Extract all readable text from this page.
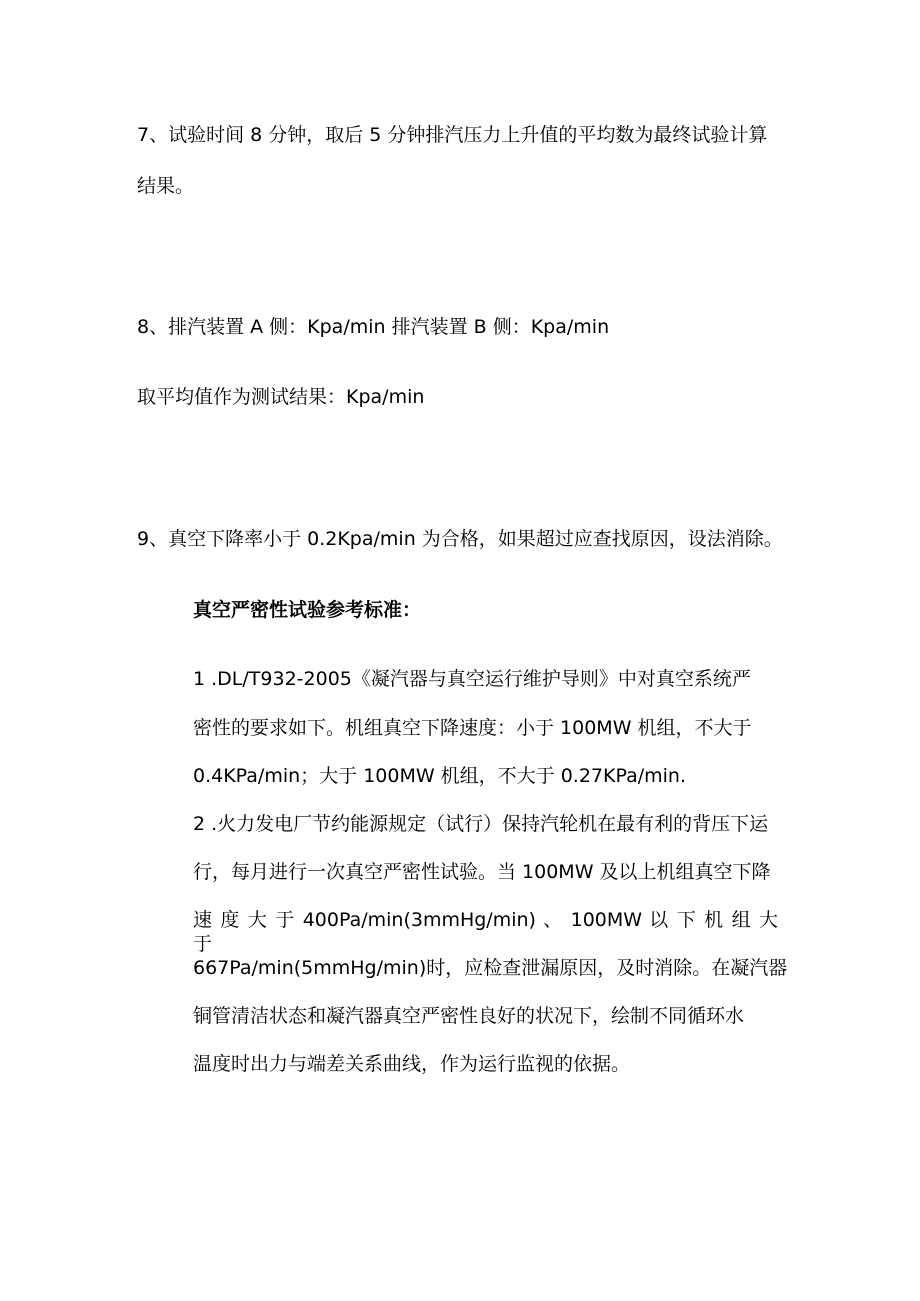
7、试验时间 8 分钟，取后 5 分钟排汽压力上升值的平均数为最终试验计算
结果。
8、排汽装置 A 侧：Kpa/min 排汽装置 B 侧：Kpa/min
取平均值作为测试结果：Kpa/min
9、真空下降率小于 0.2Kpa/min 为合格，如果超过应查找原因，设法消除。
真空严密性试验参考标准：
1 .DL/T932-2005《凝汽器与真空运行维护导则》中对真空系统严
密性的要求如下。机组真空下降速度：小于 100MW 机组，不大于
0.4KPa/min；大于 100MW 机组，不大于 0.27KPa/min.
2 .火力发电厂节约能源规定（试行）保持汽轮机在最有利的背压下运
行，每月进行一次真空严密性试验。当 100MW 及以上机组真空下降
速 度 大 于 400Pa/min(3mmHg/min) 、 100MW 以 下 机 组 大 于
667Pa/min(5mmHg/min)时，应检查泄漏原因，及时消除。在凝汽器
铜管清洁状态和凝汽器真空严密性良好的状况下，绘制不同循环水
温度时出力与端差关系曲线，作为运行监视的依据。
